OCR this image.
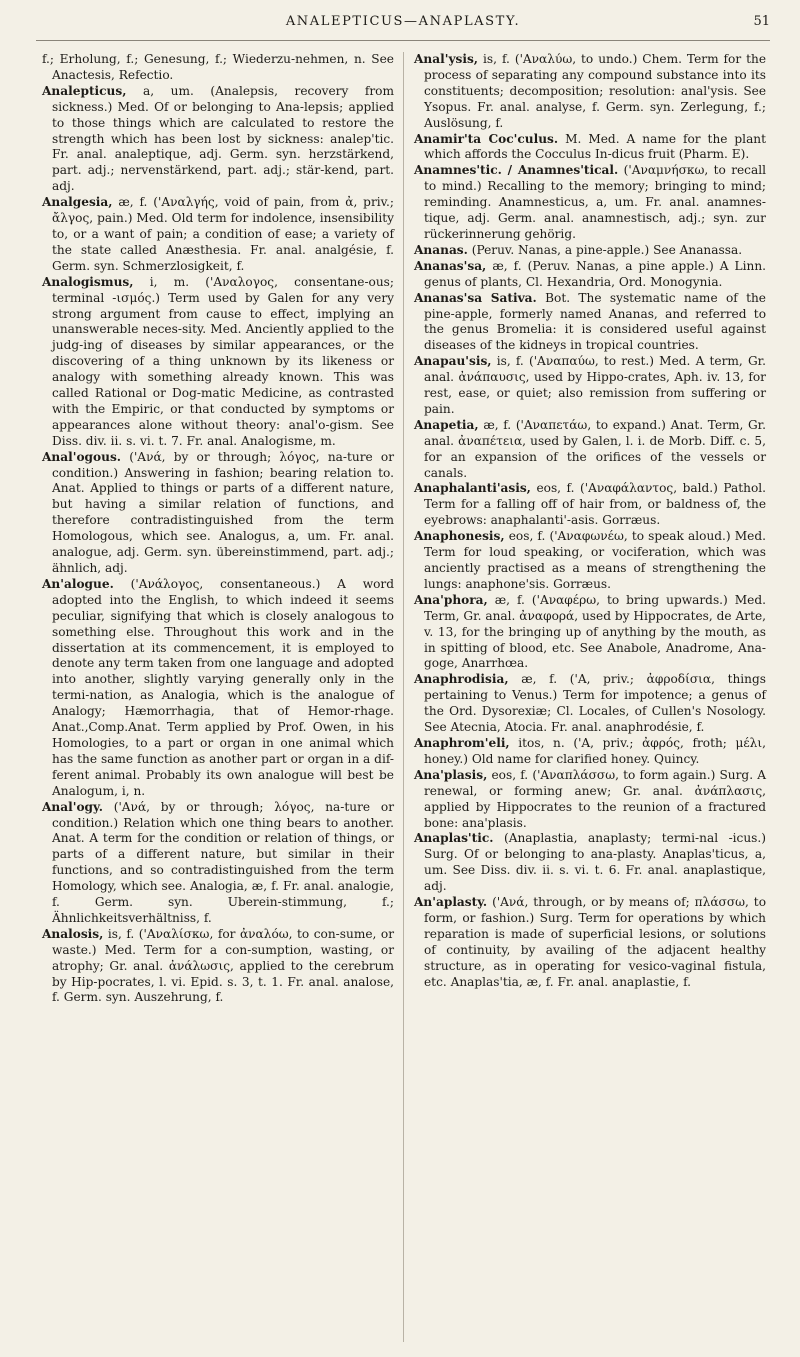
ANALEPTICUS—ANAPLASTY.	51

f.; Erholung, f.; Genesung, f.; Wiederzu-nehmen, n. See Anactesis, Refectio.

Analepticus, a, um. (Analepsis, recovery from sickness.) Med. Of or belonging to Ana-lepsis; applied to those things which are calculated to restore the strength which has been lost by sickness: analep'tic. Fr. anal. analeptique, adj. Germ. syn. herzstärkend, part. adj.; nervenstärkend, part. adj.; stär-kend, part. adj.

Analgesia, æ, f. ('Αναλγής, void of pain, from ἀ, priv.; ἄλγος, pain.) Med. Old term for indolence, insensibility to, or a want of pain; a condition of ease; a variety of the state called Anæsthesia. Fr. anal. analgésie, f. Germ. syn. Schmerzlosigkeit, f.

Analogismus, i, m. ('Αναλογος, consentane-ous; terminal -ισμός.) Term used by Galen for any very strong argument from cause to effect, implying an unanswerable neces-sity. Med. Anciently applied to the judg-ing of diseases by similar appearances, or the discovering of a thing unknown by its likeness or analogy with something already known. This was called Rational or Dog-matic Medicine, as contrasted with the Empiric, or that conducted by symptoms or appearances alone without theory: anal'o-gism. See Diss. div. ii. s. vi. t. 7. Fr. anal. Analogisme, m.

Anal'ogous. ('Ανά, by or through; λόγος, na-ture or condition.) Answering in fashion; bearing relation to. Anat. Applied to things or parts of a different nature, but having a similar relation of functions, and therefore contradistinguished from the term Homologous, which see. Analogus, a, um. Fr. anal. analogue, adj. Germ. syn. übereinstimmend, part. adj.; ähnlich, adj.

An'alogue. ('Ανάλογος, consentaneous.) A word adopted into the English, to which indeed it seems peculiar, signifying that which is closely analogous to something else. Throughout this work and in the dissertation at its commencement, it is employed to denote any term taken from one language and adopted into another, slightly varying generally only in the termi-nation, as Analogia, which is the analogue of Analogy; Hæmorrhagia, that of Hemor-rhage. Anat.,Comp.Anat. Term applied by Prof. Owen, in his Homologies, to a part or organ in one animal which has the same function as another part or organ in a dif-ferent animal. Probably its own analogue will best be Analogum, i, n.

Anal'ogy. ('Ανά, by or through; λόγος, na-ture or condition.) Relation which one thing bears to another. Anat. A term for the condition or relation of things, or parts of a different nature, but similar in their functions, and so contradistinguished from the term Homology, which see. Analogia, æ, f. Fr. anal. analogie, f. Germ. syn. Uberein-stimmung, f.; Ähnlichkeitsverhältniss, f.

Analosis, is, f. ('Αναλίσκω, for ἀναλόω, to con-sume, or waste.) Med. Term for a con-sumption, wasting, or atrophy; Gr. anal. ἀνάλωσις, applied to the cerebrum by Hip-pocrates, l. vi. Epid. s. 3, t. 1. Fr. anal. analose, f. Germ. syn. Auszehrung, f.

Anal'ysis, is, f. ('Αναλύω, to undo.) Chem. Term for the process of separating any compound substance into its constituents; decomposition; resolution: anal'ysis. See Ysopus. Fr. anal. analyse, f. Germ. syn. Zerlegung, f.; Auslösung, f.

Anamir'ta Coc'culus. M. Med. A name for the plant which affords the Cocculus In-dicus fruit (Pharm. E).

Anamnes'tic. / Anamnes'tical. ('Αναμνήσκω, to recall to mind.) Recalling to the memory; bringing to mind; reminding. Anamnesticus, a, um. Fr. anal. anamnes-tique, adj. Germ. anal. anamnestisch, adj.; syn. zur rückerinnerung gehörig.

Ananas. (Peruv. Nanas, a pine-apple.) See Ananassa.

Ananas'sa, æ, f. (Peruv. Nanas, a pine apple.) A Linn. genus of plants, Cl. Hexandria, Ord. Monogynia.

Ananas'sa Sativa. Bot. The systematic name of the pine-apple, formerly named Ananas, and referred to the genus Bromelia: it is considered useful against diseases of the kidneys in tropical countries.

Anapau'sis, is, f. ('Αναπαύω, to rest.) Med. A term, Gr. anal. ἀνάπαυσις, used by Hippo-crates, Aph. iv. 13, for rest, ease, or quiet; also remission from suffering or pain.

Anapetia, æ, f. ('Αναπετάω, to expand.) Anat. Term, Gr. anal. ἀναπέτεια, used by Galen, l. i. de Morb. Diff. c. 5, for an expansion of the orifices of the vessels or canals.

Anaphalanti'asis, eos, f. ('Αναφάλαντος, bald.) Pathol. Term for a falling off of hair from, or baldness of, the eyebrows: anaphalanti'-asis. Gorræus.

Anaphonesis, eos, f. ('Αναφωνέω, to speak aloud.) Med. Term for loud speaking, or vociferation, which was anciently practised as a means of strengthening the lungs: anaphone'sis. Gorræus.

Ana'phora, æ, f. ('Αναφέρω, to bring upwards.) Med. Term, Gr. anal. ἀναφορά, used by Hippocrates, de Arte, v. 13, for the bringing up of anything by the mouth, as in spitting of blood, etc. See Anabole, Anadrome, Ana-goge, Anarrhœa.

Anaphrodisia, æ, f. ('Α, priv.; ἀφροδίσια, things pertaining to Venus.) Term for impotence; a genus of the Ord. Dysorexiæ; Cl. Locales, of Cullen's Nosology. See Atecnia, Atocia. Fr. anal. anaphrodésie, f.

Anaphrom'eli, itos, n. ('Α, priv.; ἀφρός, froth; μέλι, honey.) Old name for clarified honey. Quincy.

Ana'plasis, eos, f. ('Αναπλάσσω, to form again.) Surg. A renewal, or forming anew; Gr. anal. ἀνάπλασις, applied by Hippocrates to the reunion of a fractured bone: ana'plasis.

Anaplas'tic. (Anaplastia, anaplasty; termi-nal -icus.) Surg. Of or belonging to ana-plasty. Anaplas'ticus, a, um. See Diss. div. ii. s. vi. t. 6. Fr. anal. anaplastique, adj.

An'aplasty. ('Ανά, through, or by means of; πλάσσω, to form, or fashion.) Surg. Term for operations by which reparation is made of superficial lesions, or solutions of continuity, by availing of the adjacent healthy structure, as in operating for vesico-vaginal fistula, etc. Anaplas'tia, æ, f. Fr. anal. anaplastie, f.
